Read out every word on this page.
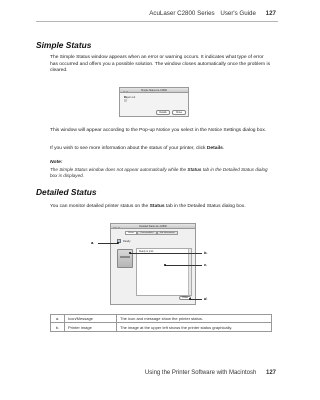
AcuLaser C2800 Series User's Guide 127
Simple Status
The Simple Status window appears when an error or warning occurs. It indicates what type of error has occurred and offers you a possible solution. The window closes automatically once the problem is cleared.
Simple Status AL-C2800
Paper out
Details	Close
This window will appear according to the Pop-up Notice you select in the Notice Settings dialog box.
If you wish to see more information about the status of your printer, click Details.
Note:
The Simple Status window does not appear automatically while the Status tab in the Detailed Status dialog box is displayed.
Detailed Status
You can monitor detailed printer status on the Status tab in the Detailed Status dialog box.
Detailed Status AL-C2800
Status	Consumables	Job Information
Ready
Ready to print.
Close
a.
b.
c.
d.
a.	Icon/Message	The icon and message show the printer status.
b.	Printer image	The image at the upper left shows the printer status graphically.
Using the Printer Software with Macintosh 127
